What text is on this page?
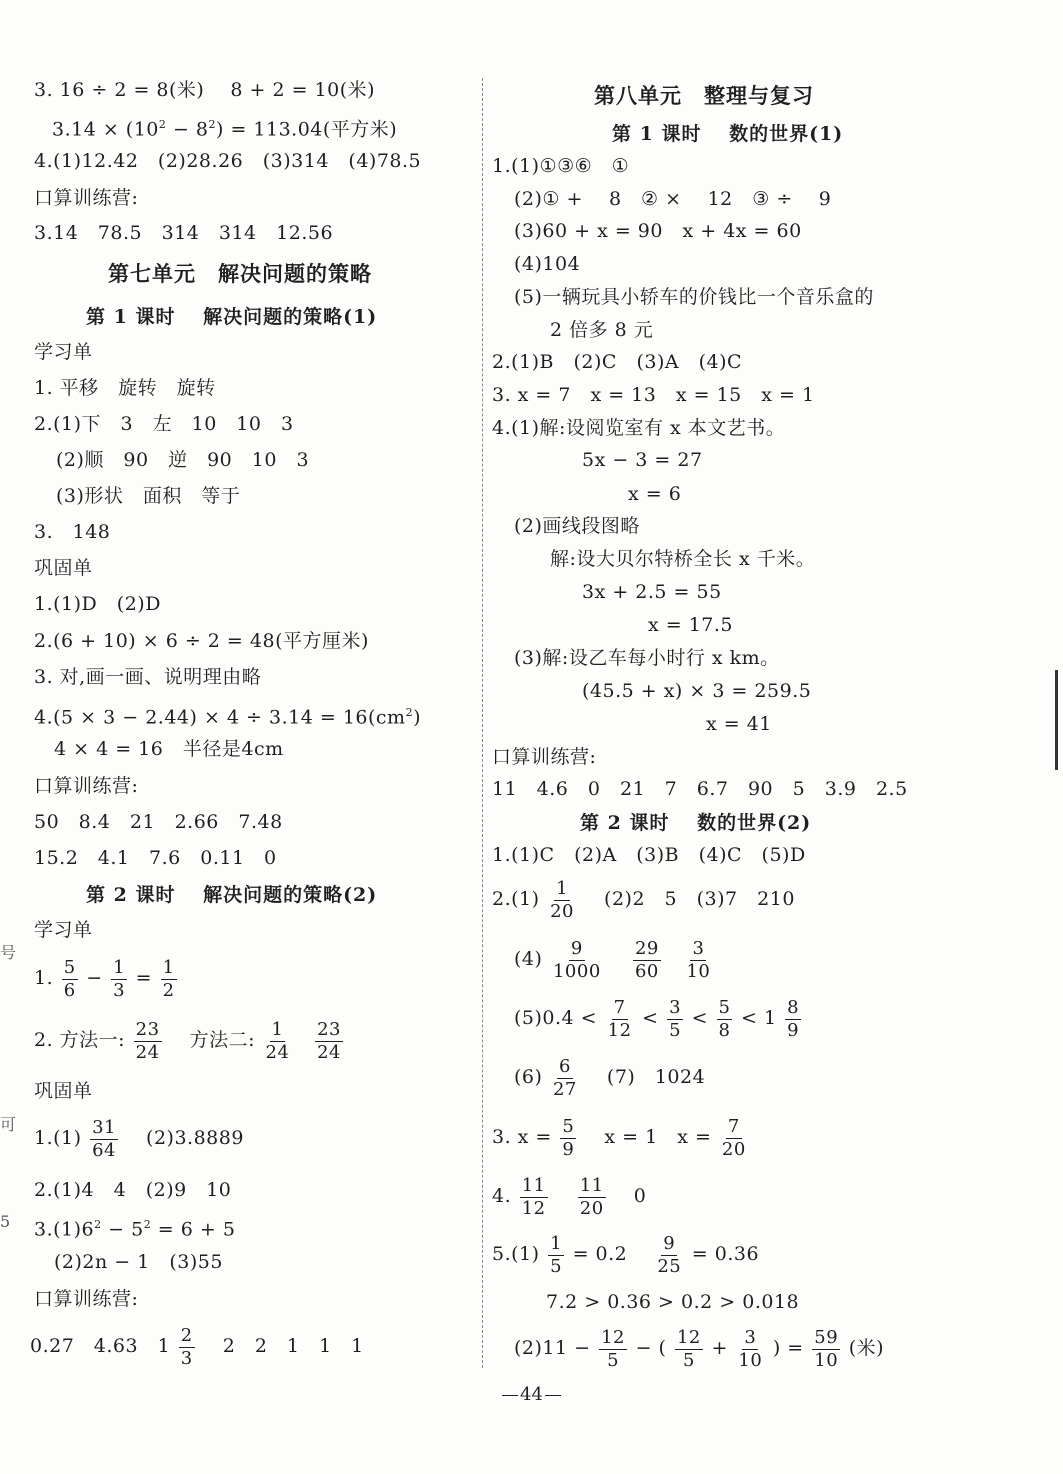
3. 16 ÷ 2 = 8(米)　 8 + 2 = 10(米)
$3.14 \times (10^2 - 8^2) = 113.04$(平方米)
4.(1)12.42　(2)28.26　(3)314　(4)78.5
口算训练营:
3.14　78.5　314　314　12.56
第七单元　解决问题的策略
第 1 课时　 解决问题的策略(1)
学习单
1. 平移　旋转　旋转
2.(1)下　3　左　10　10　3
(2)顺　90　逆　90　10　3
(3)形状　面积　等于
3.　148
巩固单
1.(1)D　(2)D
2.(6 + 10) × 6 ÷ 2 = 48(平方厘米)
3. 对,画一画、说明理由略
$4.(5 \times 3 - 2.44) \times 4 \div 3.14 = 16(cm^2)$
4 × 4 = 16　半径是4cm
口算训练营:
50　8.4　21　2.66　7.48
15.2　4.1　7.6　0.11　0
第 2 课时　 解决问题的策略(2)
学习单
1. $\frac{5}{6} - \frac{1}{3} = \frac{1}{2}$
2. 方法一: $\frac{23}{24}$ 　方法二: $\frac{1}{24}$
$\frac{23}{24}$
巩固单
$1.(1) \frac{31}{64}$ 　(2)3.8889
2.(1)4　4　(2)9　10
$3.(1)6^2 - 5^2 = 6 + 5$
(2)2n − 1　(3)55
口算训练营:
0.27　4.63　$1 \frac{2}{3}$ 　2　2　1　1　1
第八单元　整理与复习
第 1 课时　 数的世界(1)
1.(1)①③⑥　①
(2)① +　 8　② ×　 12　③ ÷　 9
(3)60 + x = 90　x + 4x = 60
(4)104
(5)一辆玩具小轿车的价钱比一个音乐盒的
2 倍多 8 元
2.(1)B　(2)C　(3)A　(4)C
3. x = 7　x = 13　x = 15　x = 1
4.(1)解:设阅览室有 x 本文艺书。
5x − 3 = 27
x = 6
(2)画线段图略
解:设大贝尔特桥全长 x 千米。
3x + 2.5 = 55
x = 17.5
(3)解:设乙车每小时行 x km。
(45.5 + x) × 3 = 259.5
x = 41
口算训练营:
11　4.6　0　21　7　6.7　90　5　3.9　2.5
第 2 课时　 数的世界(2)
1.(1)C　(2)A　(3)B　(4)C　(5)D
$2.(1) \frac{1}{20}$ 　(2)2　5　(3)7　210
$(4) \frac{9}{1000}$
$\frac{29}{60}$
$\frac{3}{10}$
$(5)0.4 < \frac{7}{12} < \frac{3}{5} < \frac{5}{8} < 1 \frac{8}{9}$
$(6) \frac{6}{27}$ 　(7)　1024
3. $x = \frac{5}{9}$ 　x = 1　$x = \frac{7}{20}$
4. $\frac{11}{12}$
$\frac{11}{20}$ 　0
$5.(1) \frac{1}{5} = 0.2$　 $\frac{9}{25} = 0.36$
7.2 > 0.36 > 0.2 > 0.018
$(2)11 - \frac{12}{5}$ − ( $\frac{12}{5} + \frac{3}{10}$ ) = $\frac{59}{10}$ (米)
44
号
可
5
